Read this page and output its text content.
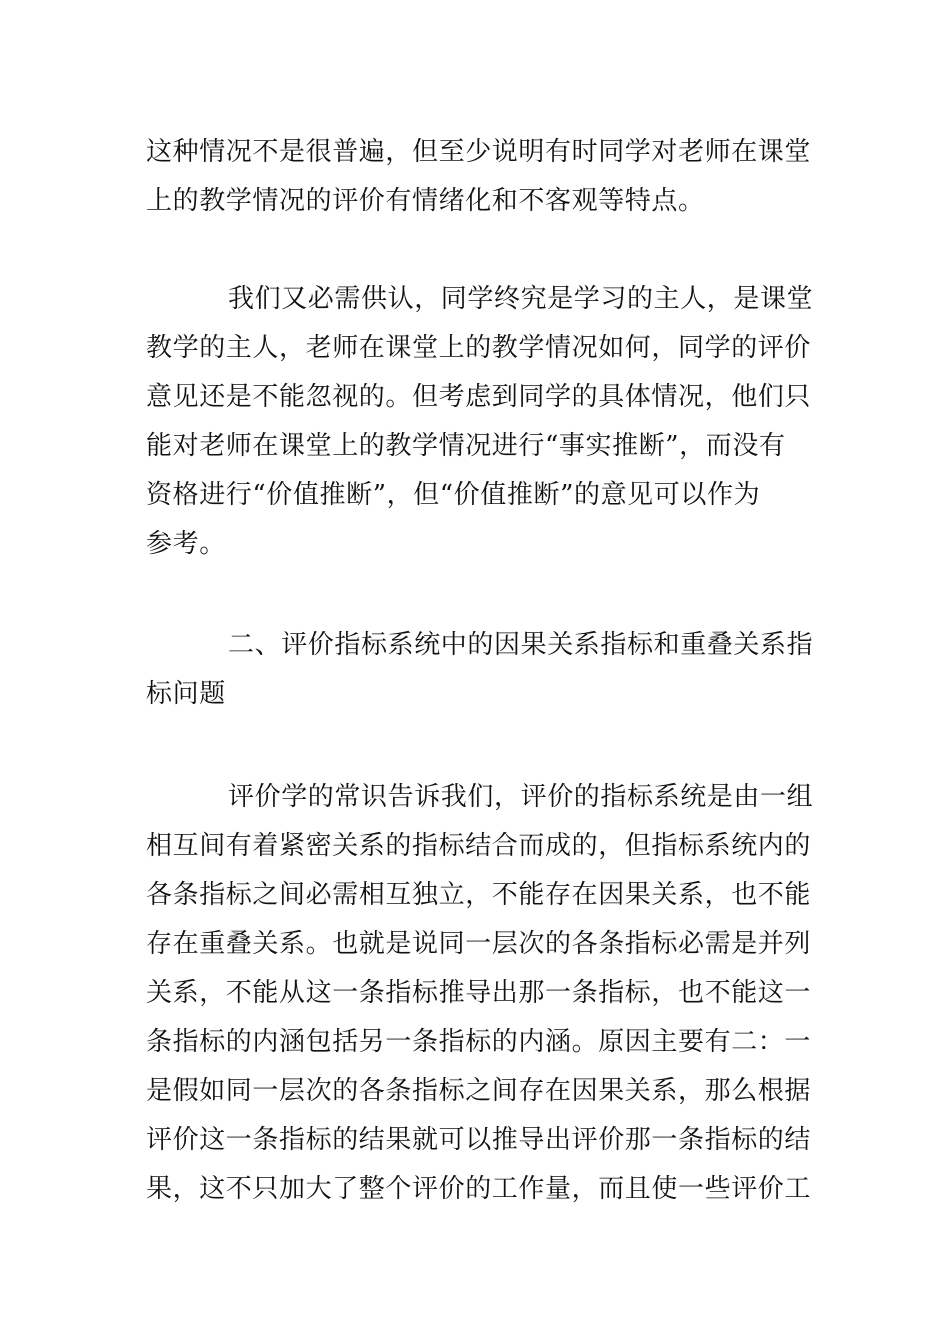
这种情况不是很普遍，但至少说明有时同学对老师在课堂
上的教学情况的评价有情绪化和不客观等特点。

我们又必需供认，同学终究是学习的主人，是课堂
教学的主人，老师在课堂上的教学情况如何，同学的评价
意见还是不能忽视的。但考虑到同学的具体情况，他们只
能对老师在课堂上的教学情况进行“事实推断”，而没有
资格进行“价值推断”，但“价值推断”的意见可以作为
参考。

二、评价指标系统中的因果关系指标和重叠关系指
标问题

评价学的常识告诉我们，评价的指标系统是由一组
相互间有着紧密关系的指标结合而成的，但指标系统内的
各条指标之间必需相互独立，不能存在因果关系，也不能
存在重叠关系。也就是说同一层次的各条指标必需是并列
关系，不能从这一条指标推导出那一条指标，也不能这一
条指标的内涵包括另一条指标的内涵。原因主要有二：一
是假如同一层次的各条指标之间存在因果关系，那么根据
评价这一条指标的结果就可以推导出评价那一条指标的结
果，这不只加大了整个评价的工作量，而且使一些评价工
